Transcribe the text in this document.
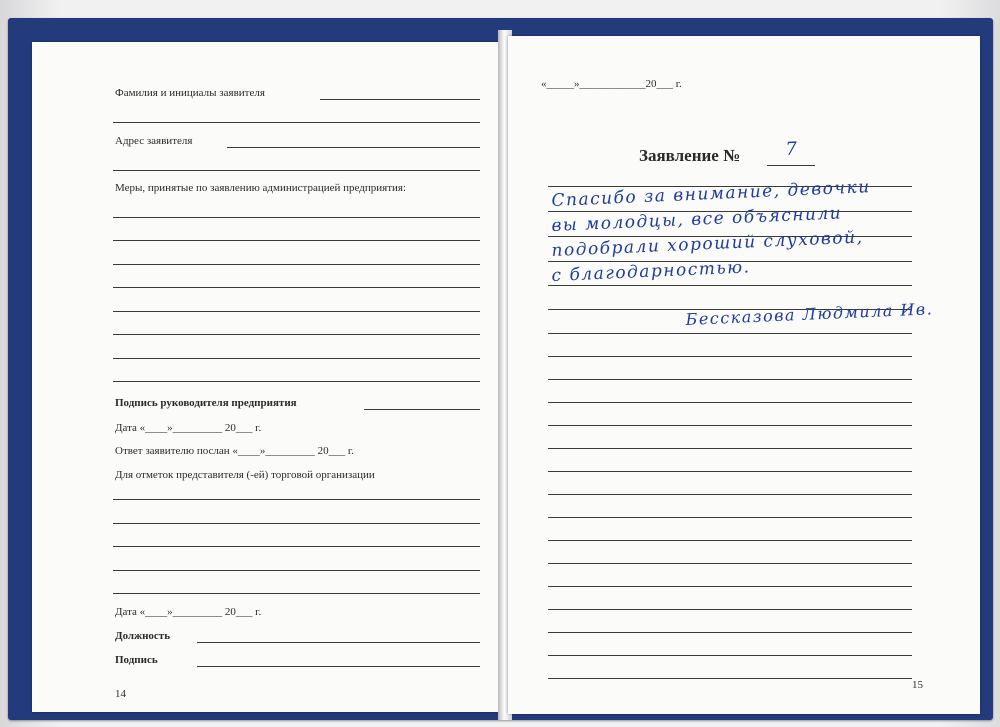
Фамилия и инициалы заявителя
Адрес заявителя
Меры, принятые по заявлению администрацией предприятия:
Подпись руководителя предприятия
Дата «____»_________ 20___ г.
Ответ заявителю послан «____»_________ 20___ г.
Для отметок представителя (-ей) торговой организации
Дата «____»_________ 20___ г.
Должность
Подпись
14
«_____»____________20___ г.
Заявление № 7
Спасибо за внимание, девочки
вы молодцы, все объяснили
подобрали хороший слуховой,
с благодарностью.
Бессказова Людмила Ив.
15
